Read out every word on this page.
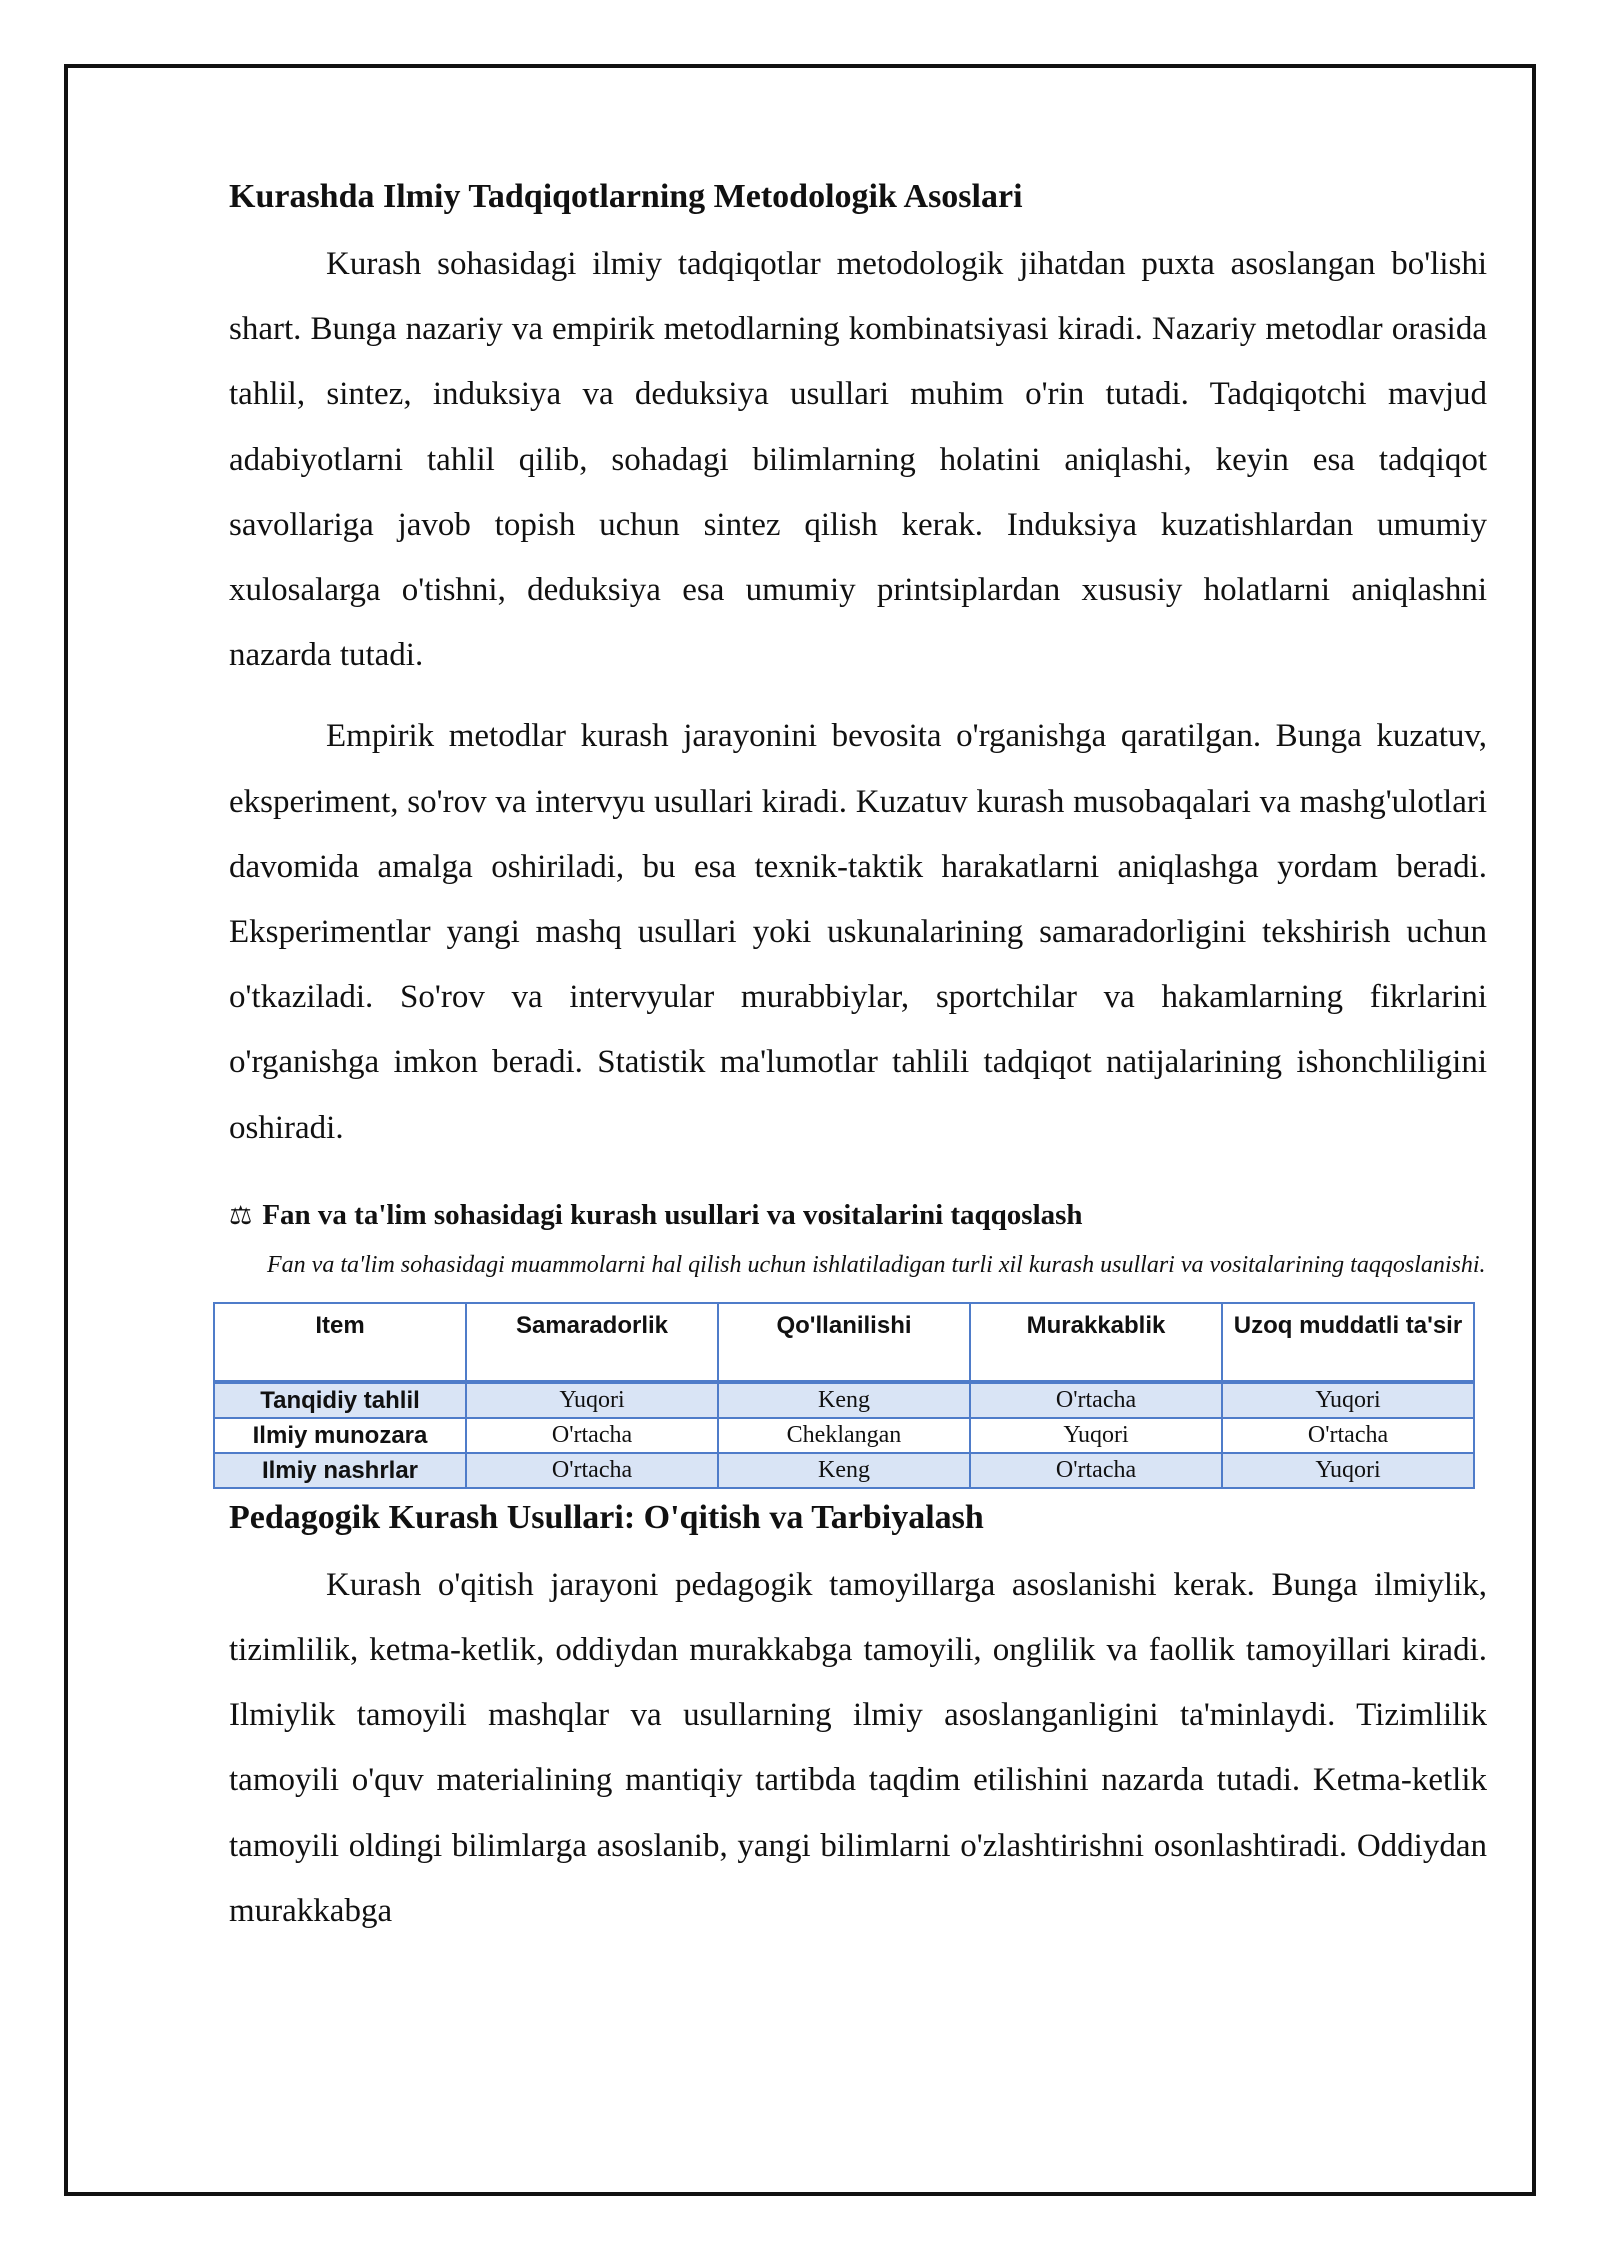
Kurashda Ilmiy Tadqiqotlarning Metodologik Asoslari

Kurash sohasidagi ilmiy tadqiqotlar metodologik jihatdan puxta asoslangan bo'lishi shart. Bunga nazariy va empirik metodlarning kombinatsiyasi kiradi. Nazariy metodlar orasida tahlil, sintez, induksiya va deduksiya usullari muhim o'rin tutadi. Tadqiqotchi mavjud adabiyotlarni tahlil qilib, sohadagi bilimlarning holatini aniqlashi, keyin esa tadqiqot savollariga javob topish uchun sintez qilish kerak. Induksiya kuzatishlardan umumiy xulosalarga o'tishni, deduksiya esa umumiy printsiplardan xususiy holatlarni aniqlashni nazarda tutadi.

Empirik metodlar kurash jarayonini bevosita o'rganishga qaratilgan. Bunga kuzatuv, eksperiment, so'rov va intervyu usullari kiradi. Kuzatuv kurash musobaqalari va mashg'ulotlari davomida amalga oshiriladi, bu esa texnik-taktik harakatlarni aniqlashga yordam beradi. Eksperimentlar yangi mashq usullari yoki uskunalarining samaradorligini tekshirish uchun o'tkaziladi. So'rov va intervyular murabbiylar, sportchilar va hakamlarning fikrlarini o'rganishga imkon beradi. Statistik ma'lumotlar tahlili tadqiqot natijalarining ishonchliligini oshiradi.

⚖ Fan va ta'lim sohasidagi kurash usullari va vositalarini taqqoslash

Fan va ta'lim sohasidagi muammolarni hal qilish uchun ishlatiladigan turli xil kurash usullari va vositalarining taqqoslanishi.
Item	Samaradorlik	Qo'llanilishi	Murakkablik	Uzoq muddatli ta'sir
Tanqidiy tahlil	Yuqori	Keng	O'rtacha	Yuqori
Ilmiy munozara	O'rtacha	Cheklangan	Yuqori	O'rtacha
Ilmiy nashrlar	O'rtacha	Keng	O'rtacha	Yuqori
Pedagogik Kurash Usullari: O'qitish va Tarbiyalash

Kurash o'qitish jarayoni pedagogik tamoyillarga asoslanishi kerak. Bunga ilmiylik, tizimlilik, ketma-ketlik, oddiydan murakkabga tamoyili, onglilik va faollik tamoyillari kiradi. Ilmiylik tamoyili mashqlar va usullarning ilmiy asoslanganligini ta'minlaydi. Tizimlilik tamoyili o'quv materialining mantiqiy tartibda taqdim etilishini nazarda tutadi. Ketma-ketlik tamoyili oldingi bilimlarga asoslanib, yangi bilimlarni o'zlashtirishni osonlashtiradi. Oddiydan murakkabga
